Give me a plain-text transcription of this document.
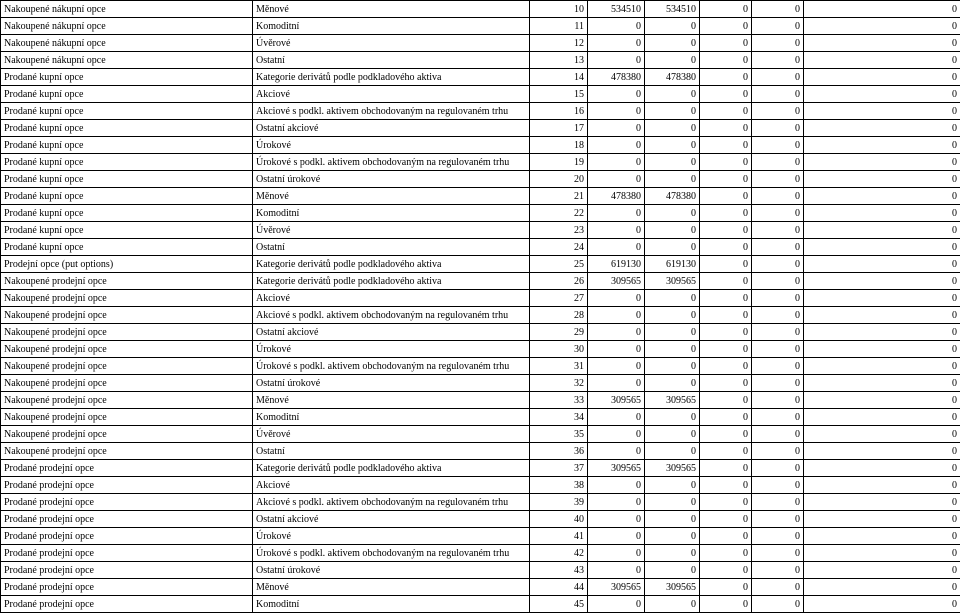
Nakoupené nákupní opce	Měnové	10	534510	534510	0	0	0
Nakoupené nákupní opce	Komoditní	11	0	0	0	0	0
Nakoupené nákupní opce	Úvěrové	12	0	0	0	0	0
Nakoupené nákupní opce	Ostatní	13	0	0	0	0	0
Prodané kupní opce	Kategorie derivátů podle podkladového aktiva	14	478380	478380	0	0	0
Prodané kupní opce	Akciové	15	0	0	0	0	0
Prodané kupní opce	Akciové s podkl. aktivem obchodovaným na regulovaném trhu	16	0	0	0	0	0
Prodané kupní opce	Ostatní akciové	17	0	0	0	0	0
Prodané kupní opce	Úrokové	18	0	0	0	0	0
Prodané kupní opce	Úrokové s podkl. aktivem obchodovaným na regulovaném trhu	19	0	0	0	0	0
Prodané kupní opce	Ostatní úrokové	20	0	0	0	0	0
Prodané kupní opce	Měnové	21	478380	478380	0	0	0
Prodané kupní opce	Komoditní	22	0	0	0	0	0
Prodané kupní opce	Úvěrové	23	0	0	0	0	0
Prodané kupní opce	Ostatní	24	0	0	0	0	0
Prodejní opce (put options)	Kategorie derivátů podle podkladového aktiva	25	619130	619130	0	0	0
Nakoupené prodejní opce	Kategorie derivátů podle podkladového aktiva	26	309565	309565	0	0	0
Nakoupené prodejní opce	Akciové	27	0	0	0	0	0
Nakoupené prodejní opce	Akciové s podkl. aktivem obchodovaným na regulovaném trhu	28	0	0	0	0	0
Nakoupené prodejní opce	Ostatní akciové	29	0	0	0	0	0
Nakoupené prodejní opce	Úrokové	30	0	0	0	0	0
Nakoupené prodejní opce	Úrokové s podkl. aktivem obchodovaným na regulovaném trhu	31	0	0	0	0	0
Nakoupené prodejní opce	Ostatní úrokové	32	0	0	0	0	0
Nakoupené prodejní opce	Měnové	33	309565	309565	0	0	0
Nakoupené prodejní opce	Komoditní	34	0	0	0	0	0
Nakoupené prodejní opce	Úvěrové	35	0	0	0	0	0
Nakoupené prodejní opce	Ostatní	36	0	0	0	0	0
Prodané prodejní opce	Kategorie derivátů podle podkladového aktiva	37	309565	309565	0	0	0
Prodané prodejní opce	Akciové	38	0	0	0	0	0
Prodané prodejní opce	Akciové s podkl. aktivem obchodovaným na regulovaném trhu	39	0	0	0	0	0
Prodané prodejní opce	Ostatní akciové	40	0	0	0	0	0
Prodané prodejní opce	Úrokové	41	0	0	0	0	0
Prodané prodejní opce	Úrokové s podkl. aktivem obchodovaným na regulovaném trhu	42	0	0	0	0	0
Prodané prodejní opce	Ostatní úrokové	43	0	0	0	0	0
Prodané prodejní opce	Měnové	44	309565	309565	0	0	0
Prodané prodejní opce	Komoditní	45	0	0	0	0	0
